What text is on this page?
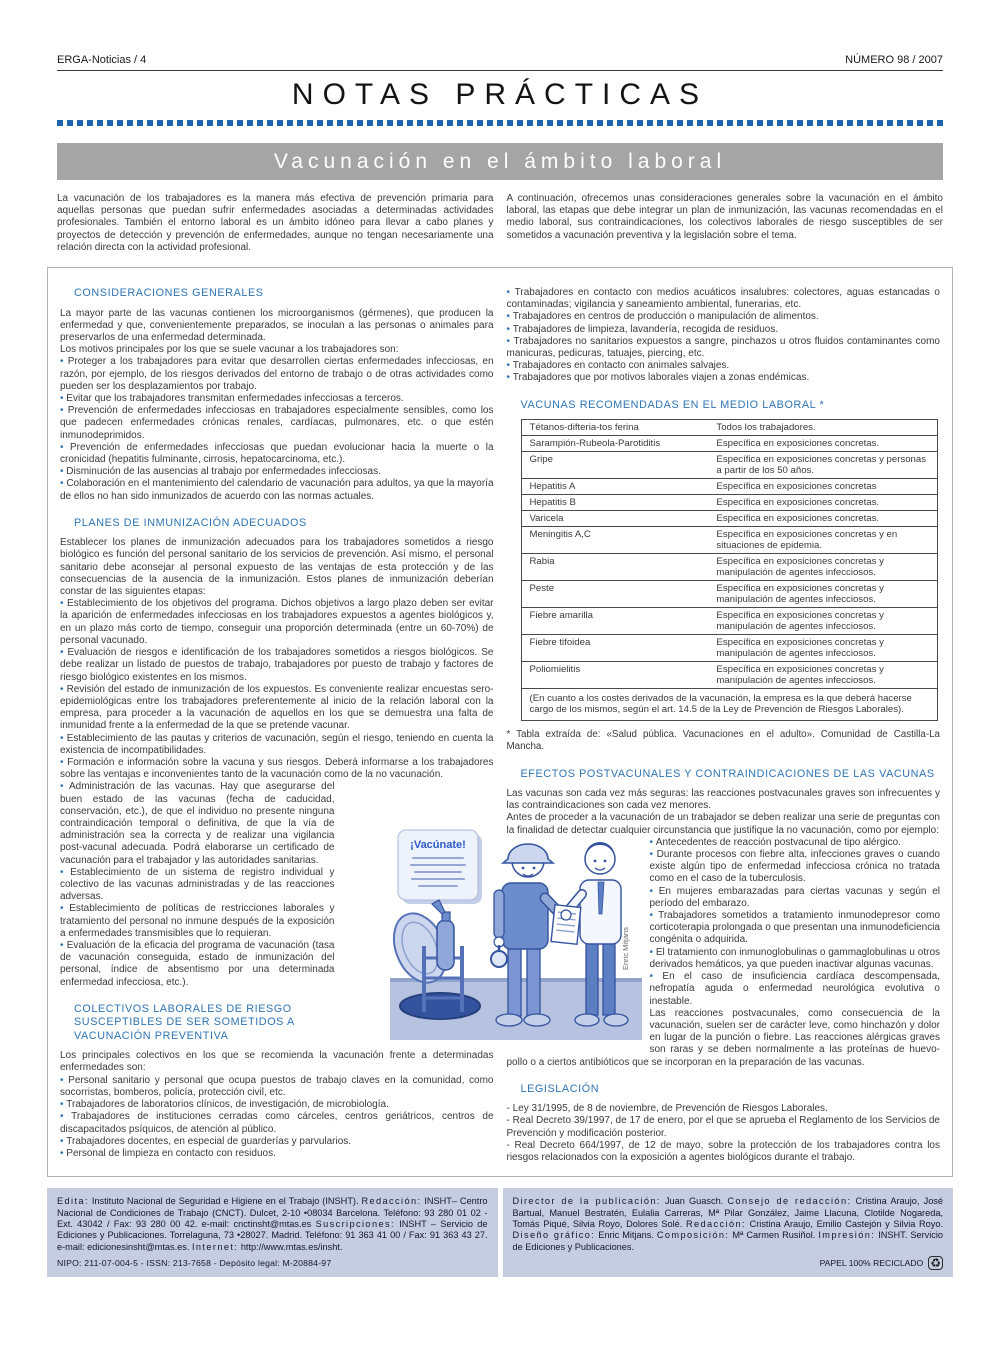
ERGA-Noticias / 4	NÚMERO 98 / 2007
NOTAS PRÁCTICAS
Vacunación en el ámbito laboral

La vacunación de los trabajadores es la manera más efectiva de prevención primaria para aquellas personas que puedan sufrir enfermedades asociadas a determinadas actividades profesionales. También el entorno laboral es un ámbito idóneo para llevar a cabo planes y proyectos de detección y prevención de enfermedades, aunque no tengan necesariamente una relación directa con la actividad profesional.

A continuación, ofrecemos unas consideraciones generales sobre la vacunación en el ámbito laboral, las etapas que debe integrar un plan de inmunización, las vacunas recomendadas en el medio laboral, sus contraindicaciones, los colectivos laborales de riesgo susceptibles de ser sometidos a vacunación preventiva y la legislación sobre el tema.

CONSIDERACIONES GENERALES

La mayor parte de las vacunas contienen los microorganismos (gérmenes), que producen la enfermedad y que, convenientemente preparados, se inoculan a las personas o animales para preservarlos de una enfermedad determinada.

Los motivos principales por los que se suele vacunar a los trabajadores son:

• Proteger a los trabajadores para evitar que desarrollen ciertas enfermedades infecciosas, en razón, por ejemplo, de los riesgos derivados del entorno de trabajo o de otras actividades como pueden ser los desplazamientos por trabajo.

• Evitar que los trabajadores transmitan enfermedades infecciosas a terceros.

• Prevención de enfermedades infecciosas en trabajadores especialmente sensibles, como los que padecen enfermedades crónicas renales, cardíacas, pulmonares, etc. o que estén inmunodeprimidos.

• Prevención de enfermedades infecciosas que puedan evolucionar hacia la muerte o la cronicidad (hepatitis fulminante, cirrosis, hepatocarcinoma, etc.).

• Disminución de las ausencias al trabajo por enfermedades infecciosas.

• Colaboración en el mantenimiento del calendario de vacunación para adultos, ya que la mayoría de ellos no han sido inmunizados de acuerdo con las normas actuales.

PLANES DE INMUNIZACIÓN ADECUADOS

Establecer los planes de inmunización adecuados para los trabajadores sometidos a riesgo biológico es función del personal sanitario de los servicios de prevención. Así mismo, el personal sanitario debe aconsejar al personal expuesto de las ventajas de esta protección y de las consecuencias de la ausencia de la inmunización. Estos planes de inmunización deberían constar de las siguientes etapas:

• Establecimiento de los objetivos del programa. Dichos objetivos a largo plazo deben ser evitar la aparición de enfermedades infecciosas en los trabajadores expuestos a agentes biológicos y, en un plazo más corto de tiempo, conseguir una proporción determinada (entre un 60-70%) de personal vacunado.

• Evaluación de riesgos e identificación de los trabajadores sometidos a riesgos biológicos. Se debe realizar un listado de puestos de trabajo, trabajadores por puesto de trabajo y factores de riesgo biológico existentes en los mismos.

• Revisión del estado de inmunización de los expuestos. Es conveniente realizar encuestas sero-epidemiológicas entre los trabajadores preferentemente al inicio de la relación laboral con la empresa, para proceder a la vacunación de aquellos en los que se demuestra una falta de inmunidad frente a la enfermedad de la que se pretende vacunar.

• Establecimiento de las pautas y criterios de vacunación, según el riesgo, teniendo en cuenta la existencia de incompatibilidades.

• Formación e información sobre la vacuna y sus riesgos. Deberá informarse a los trabajadores sobre las ventajas e inconvenientes tanto de la vacunación como de la no vacunación.

• Administración de las vacunas. Hay que asegurarse del buen estado de las vacunas (fecha de caducidad, conservación, etc.), de que el individuo no presente ninguna contraindicación temporal o definitiva, de que la vía de administración sea la correcta y de realizar una vigilancia post-vacunal adecuada. Podrá elaborarse un certificado de vacunación para el trabajador y las autoridades sanitarias.

• Establecimiento de un sistema de registro individual y colectivo de las vacunas administradas y de las reacciones adversas.

• Establecimiento de políticas de restricciones laborales y tratamiento del personal no inmune después de la exposición a enfermedades transmisibles que lo requieran.

• Evaluación de la eficacia del programa de vacunación (tasa de vacunación conseguida, estado de inmunización del personal, índice de absentismo por una determinada enfermedad infecciosa, etc.).

COLECTIVOS LABORALES DE RIESGO SUSCEPTIBLES DE SER SOMETIDOS A VACUNACIÓN PREVENTIVA

Los principales colectivos en los que se recomienda la vacunación frente a determinadas enfermedades son:

• Personal sanitario y personal que ocupa puestos de trabajo claves en la comunidad, como socorristas, bomberos, policía, protección civil, etc.

• Trabajadores de laboratorios clínicos, de investigación, de microbiología.

• Trabajadores de instituciones cerradas como cárceles, centros geriátricos, centros de discapacitados psíquicos, de atención al público.

• Trabajadores docentes, en especial de guarderías y parvularios.

• Personal de limpieza en contacto con residuos.

• Trabajadores en contacto con medios acuáticos insalubres: colectores, aguas estancadas o contaminadas; vigilancia y saneamiento ambiental, funerarias, etc.

• Trabajadores en centros de producción o manipulación de alimentos.

• Trabajadores de limpieza, lavandería, recogida de residuos.

• Trabajadores no sanitarios expuestos a sangre, pinchazos u otros fluidos contaminantes como manicuras, pedicuras, tatuajes, piercing, etc.

• Trabajadores en contacto con animales salvajes.

• Trabajadores que por motivos laborales viajen a zonas endémicas.

VACUNAS RECOMENDADAS EN EL MEDIO LABORAL *
Tétanos-difteria-tos ferina	Todos los trabajadores.
Sarampión-Rubeola-Parotiditis	Específica en exposiciones concretas.
Gripe	Específica en exposiciones concretas y personas a partir de los 50 años.
Hepatitis A	Específica en exposiciones concretas
Hepatitis B	Específica en exposiciones concretas.
Varicela	Específica en exposiciones concretas.
Meningitis A,C	Específica en exposiciones concretas y en situaciones de epidemia.
Rabia	Específica en exposiciones concretas y manipulación de agentes infecciosos.
Peste	Específica en exposiciones concretas y manipulación de agentes infecciosos.
Fiebre amarilla	Específica en exposiciones concretas y manipulación de agentes infecciosos.
Fiebre tifoidea	Específica en exposiciones concretas y manipulación de agentes infecciosos.
Poliomielitis	Específica en exposiciones concretas y manipulación de agentes infecciosos.
(En cuanto a los costes derivados de la vacunación, la empresa es la que deberá hacerse cargo de los mismos, según el art. 14.5 de la Ley de Prevención de Riesgos Laborales).	

* Tabla extraída de: «Salud pública. Vacunaciones en el adulto». Comunidad de Castilla-La Mancha.

EFECTOS POSTVACUNALES Y CONTRAINDICACIONES DE LAS VACUNAS

Las vacunas son cada vez más seguras: las reacciones postvacunales graves son infrecuentes y las contraindicaciones son cada vez menores.

Antes de proceder a la vacunación de un trabajador se deben realizar una serie de preguntas con la finalidad de detectar cualquier circunstancia que justifique la no vacunación, como por ejemplo:

• Antecedentes de reacción postvacunal de tipo alérgico.

• Durante procesos con fiebre alta, infecciones graves o cuando existe algún tipo de enfermedad infecciosa crónica no tratada como en el caso de la tuberculosis.

• En mujeres embarazadas para ciertas vacunas y según el período del embarazo.

• Trabajadores sometidos a tratamiento inmunodepresor como corticoterapia prolongada o que presentan una inmunodeficiencia congénita o adquirida.

• El tratamiento con inmunoglobulinas o gammaglobulinas u otros derivados hemáticos, ya que pueden inactivar algunas vacunas.

• En el caso de insuficiencia cardíaca descompensada, nefropatía aguda o enfermedad neurológica evolutiva o inestable.

Las reacciones postvacunales, como consecuencia de la vacunación, suelen ser de carácter leve, como hinchazón y dolor en lugar de la punción o fiebre. Las reacciones alérgicas graves son raras y se deben normalmente a las proteínas de huevo-pollo o a ciertos antibióticos que se incorporan en la preparación de las vacunas.

LEGISLACIÓN

- Ley 31/1995, de 8 de noviembre, de Prevención de Riesgos Laborales.

- Real Decreto 39/1997, de 17 de enero, por el que se aprueba el Reglamento de los Servicios de Prevención y modificación posterior.

- Real Decreto 664/1997, de 12 de mayo, sobre la protección de los trabajadores contra los riesgos relacionados con la exposición a agentes biológicos durante el trabajo.

¡Vacúnate!
Enric Mitjans
Edita: Instituto Nacional de Seguridad e Higiene en el Trabajo (INSHT). Redacción: INSHT– Centro Nacional de Condiciones de Trabajo (CNCT). Dulcet, 2-10 •08034 Barcelona. Teléfono: 93 280 01 02 - Ext. 43042 / Fax: 93 280 00 42. e-mail: cnctinsht@mtas.es Suscripciones: INSHT – Servicio de Ediciones y Publicaciones. Torrelaguna, 73 •28027. Madrid. Teléfono: 91 363 41 00 / Fax: 91 363 43 27. e-mail: edicionesinsht@mtas.es. Internet: http://www.mtas.es/insht.
NIPO: 211-07-004-5 - ISSN: 213-7658 - Depósito legal: M-20884-97
Director de la publicación: Juan Guasch. Consejo de redacción: Cristina Araujo, José Bartual, Manuel Bestratén, Eulalia Carreras, Mª Pilar González, Jaime Llacuna, Clotilde Nogareda, Tomás Piqué, Silvia Royo, Dolores Solé. Redacción: Cristina Araujo, Emilio Castejón y Silvia Royo. Diseño gráfico: Enric Mitjans. Composición: Mª Carmen Rusiñol. Impresión: INSHT. Servicio de Ediciones y Publicaciones.
PAPEL 100% RECICLADO ♻
